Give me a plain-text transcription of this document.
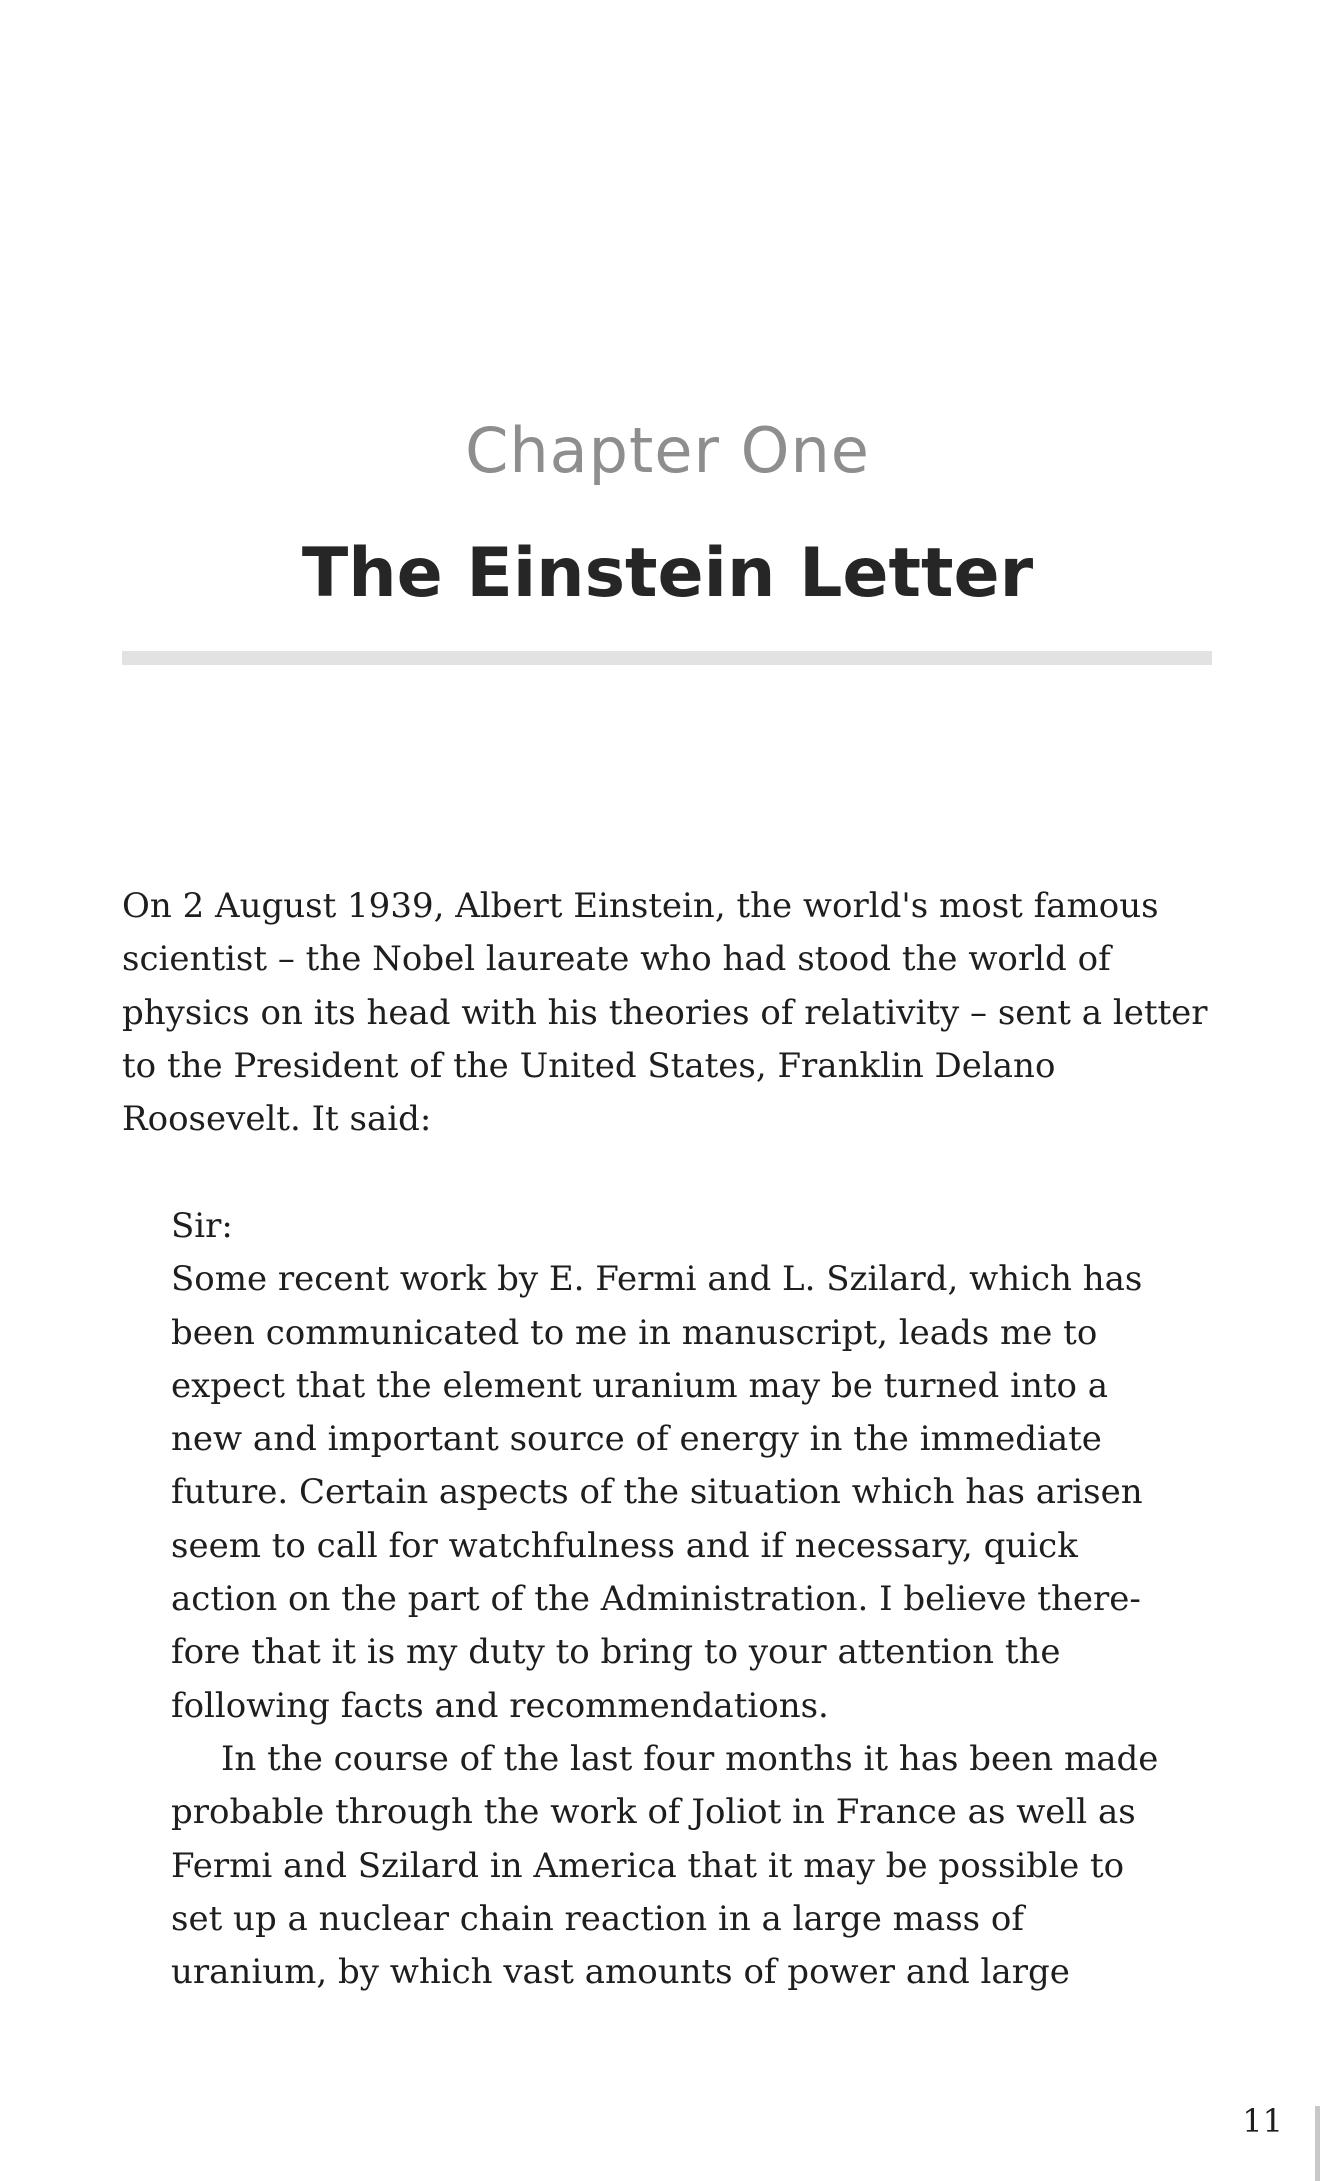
Chapter One
The Einstein Letter
On 2 August 1939, Albert Einstein, the world's most famous
scientist – the Nobel laureate who had stood the world of
physics on its head with his theories of relativity – sent a letter
to the President of the United States, Franklin Delano
Roosevelt. It said:
Sir:
Some recent work by E. Fermi and L. Szilard, which has
been communicated to me in manuscript, leads me to
expect that the element uranium may be turned into a
new and important source of energy in the immediate
future. Certain aspects of the situation which has arisen
seem to call for watchfulness and if necessary, quick
action on the part of the Administration. I believe there-
fore that it is my duty to bring to your attention the
following facts and recommendations.
In the course of the last four months it has been made
probable through the work of Joliot in France as well as
Fermi and Szilard in America that it may be possible to
set up a nuclear chain reaction in a large mass of
uranium, by which vast amounts of power and large
11
